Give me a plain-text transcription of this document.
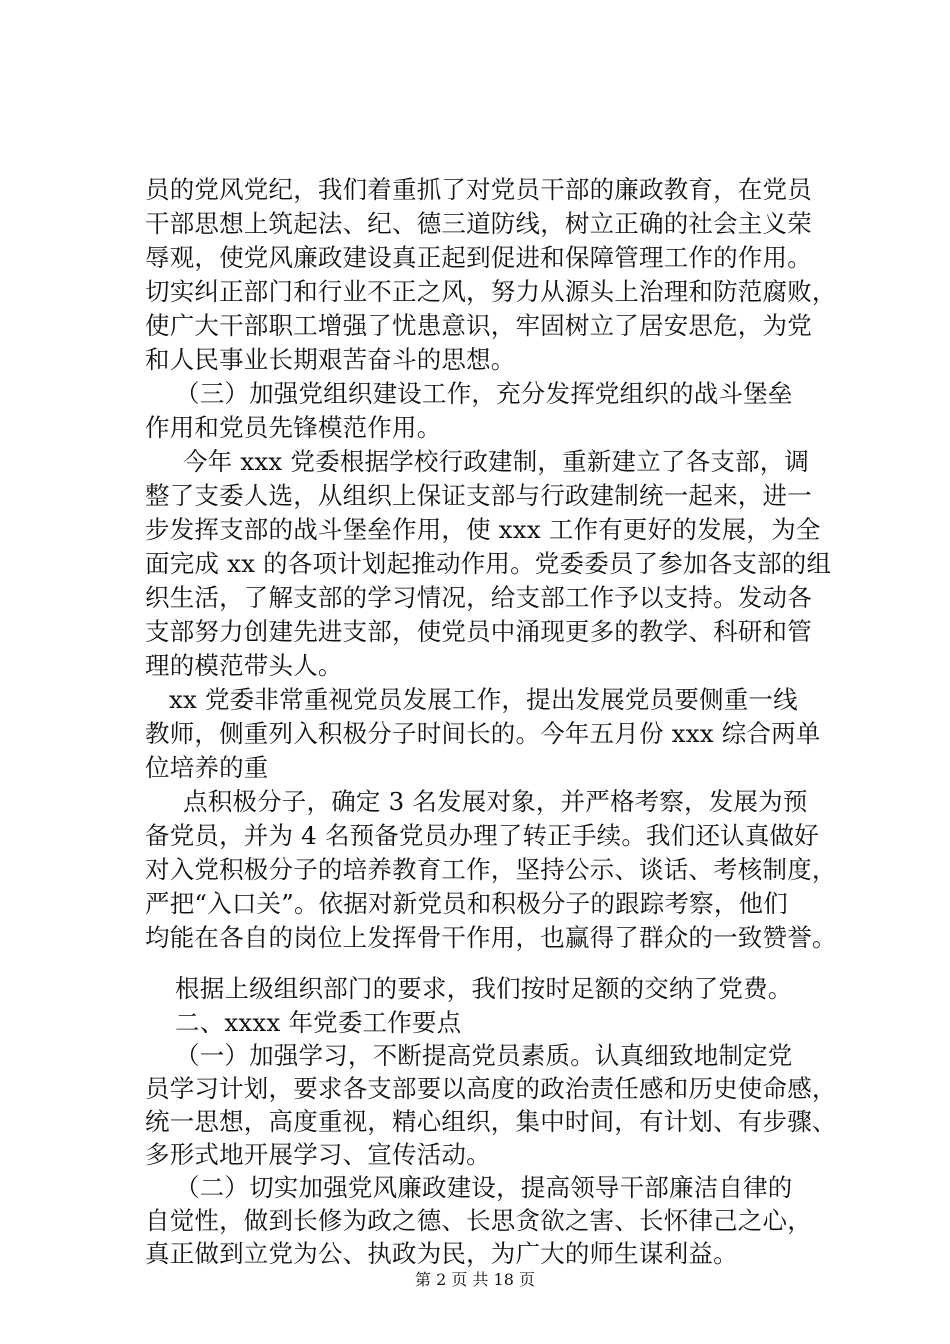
员的党风党纪，我们着重抓了对党员干部的廉政教育，在党员
干部思想上筑起法、纪、德三道防线，树立正确的社会主义荣
辱观，使党风廉政建设真正起到促进和保障管理工作的作用。
切实纠正部门和行业不正之风，努力从源头上治理和防范腐败，
使广大干部职工增强了忧患意识，牢固树立了居安思危，为党
和人民事业长期艰苦奋斗的思想。
（三）加强党组织建设工作，充分发挥党组织的战斗堡垒
作用和党员先锋模范作用。
今年 xxx 党委根据学校行政建制，重新建立了各支部，调
整了支委人选，从组织上保证支部与行政建制统一起来，进一
步发挥支部的战斗堡垒作用，使 xxx 工作有更好的发展，为全
面完成 xx 的各项计划起推动作用。党委委员了参加各支部的组
织生活，了解支部的学习情况，给支部工作予以支持。发动各
支部努力创建先进支部，使党员中涌现更多的教学、科研和管
理的模范带头人。
xx 党委非常重视党员发展工作，提出发展党员要侧重一线
教师，侧重列入积极分子时间长的。今年五月份 xxx 综合两单
位培养的重
点积极分子，确定 3 名发展对象，并严格考察，发展为预
备党员，并为 4 名预备党员办理了转正手续。我们还认真做好
对入党积极分子的培养教育工作，坚持公示、谈话、考核制度，
严把“入口关”。依据对新党员和积极分子的跟踪考察，他们
均能在各自的岗位上发挥骨干作用，也赢得了群众的一致赞誉。
根据上级组织部门的要求，我们按时足额的交纳了党费。
二、xxxx 年党委工作要点
（一）加强学习，不断提高党员素质。认真细致地制定党
员学习计划，要求各支部要以高度的政治责任感和历史使命感，
统一思想，高度重视，精心组织，集中时间，有计划、有步骤、
多形式地开展学习、宣传活动。
（二）切实加强党风廉政建设，提高领导干部廉洁自律的
自觉性，做到长修为政之德、长思贪欲之害、长怀律己之心，
真正做到立党为公、执政为民，为广大的师生谋利益。
第 2 页 共 18 页
